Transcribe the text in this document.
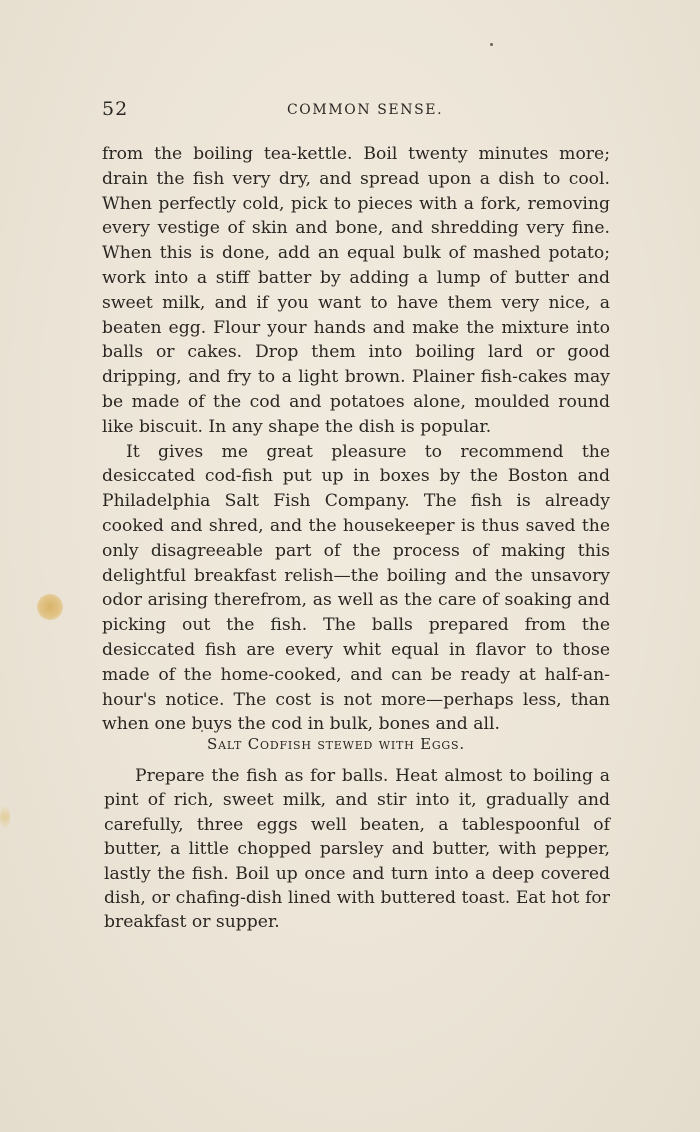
52	COMMON SENSE.

from the boiling tea-kettle. Boil twenty minutes more; drain the fish very dry, and spread upon a dish to cool. When perfectly cold, pick to pieces with a fork, removing every vestige of skin and bone, and shredding very fine. When this is done, add an equal bulk of mashed potato; work into a stiff batter by adding a lump of butter and sweet milk, and if you want to have them very nice, a beaten egg. Flour your hands and make the mixture into balls or cakes. Drop them into boiling lard or good dripping, and fry to a light brown. Plainer fish-cakes may be made of the cod and potatoes alone, moulded round like biscuit. In any shape the dish is popular.

It gives me great pleasure to recommend the desiccated cod-fish put up in boxes by the Boston and Philadelphia Salt Fish Company. The fish is already cooked and shred, and the housekeeper is thus saved the only disagreeable part of the process of making this delightful breakfast relish—the boiling and the unsavory odor arising therefrom, as well as the care of soaking and picking out the fish. The balls prepared from the desiccated fish are every whit equal in flavor to those made of the home-cooked, and can be ready at half-an-hour's notice. The cost is not more—perhaps less, than when one buys the cod in bulk, bones and all.

Salt Codfish stewed with Eggs.

Prepare the fish as for balls. Heat almost to boiling a pint of rich, sweet milk, and stir into it, gradually and carefully, three eggs well beaten, a tablespoonful of butter, a little chopped parsley and butter, with pepper, lastly the fish. Boil up once and turn into a deep covered dish, or chafing-dish lined with buttered toast. Eat hot for breakfast or supper.
